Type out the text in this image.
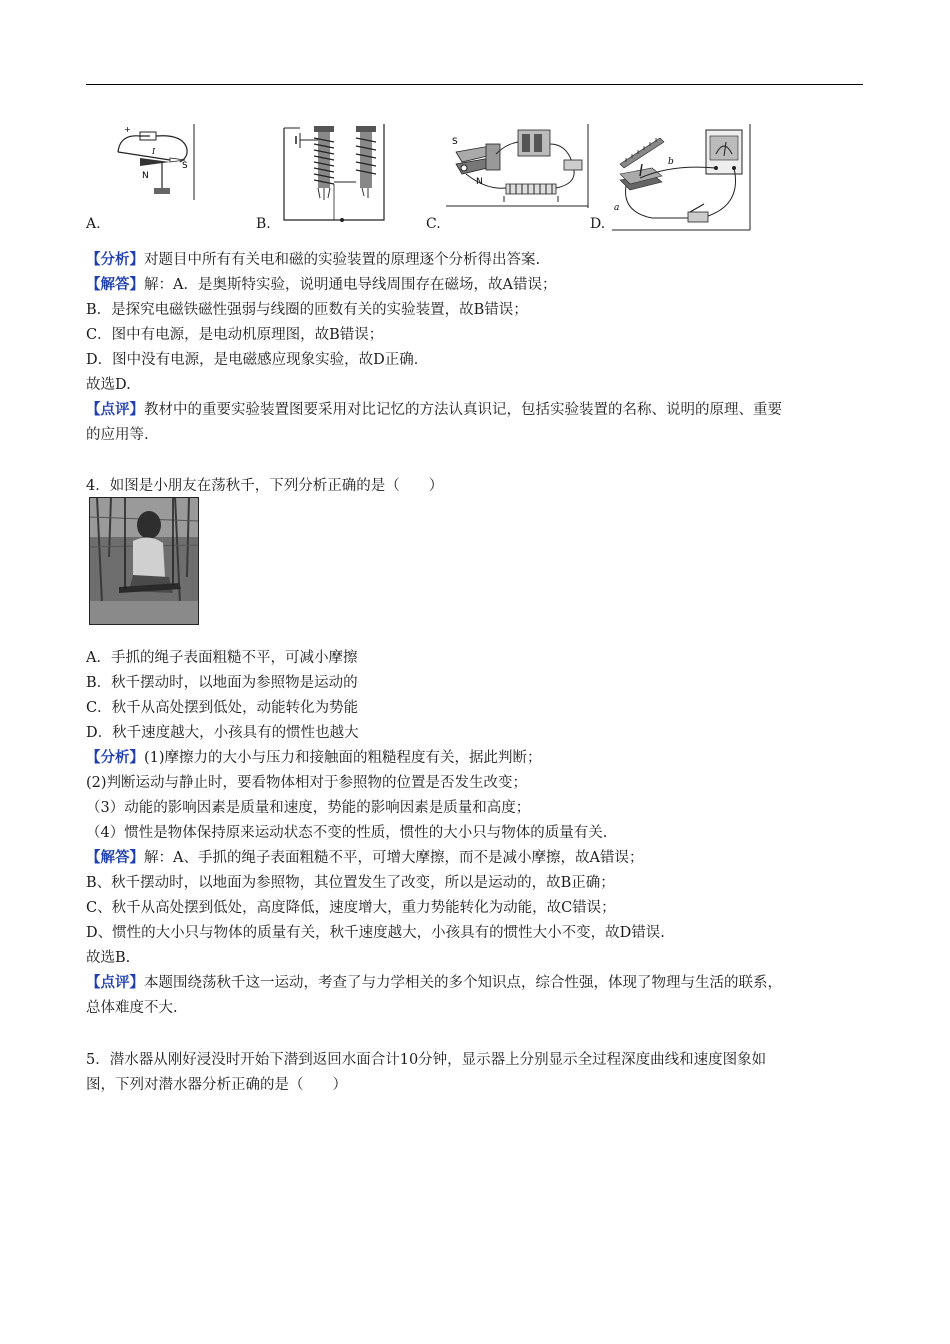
+
I
N
S
A.	B.
S
N
C.
b
a
D.
【分析】对题目中所有有关电和磁的实验装置的原理逐个分析得出答案.
【解答】解：A．是奥斯特实验，说明通电导线周围存在磁场，故A错误；
B．是探究电磁铁磁性强弱与线圈的匝数有关的实验装置，故B错误；
C．图中有电源，是电动机原理图，故B错误；
D．图中没有电源，是电磁感应现象实验，故D正确．
故选D.
【点评】教材中的重要实验装置图要采用对比记忆的方法认真识记，包括实验装置的名称、说明的原理、重要
的应用等.
4．如图是小朋友在荡秋千，下列分析正确的是（　　）
A．手抓的绳子表面粗糙不平，可减小摩擦
B．秋千摆动时，以地面为参照物是运动的
C．秋千从高处摆到低处，动能转化为势能
D．秋千速度越大，小孩具有的惯性也越大
【分析】(1)摩擦力的大小与压力和接触面的粗糙程度有关，据此判断；
(2)判断运动与静止时，要看物体相对于参照物的位置是否发生改变；
（3）动能的影响因素是质量和速度，势能的影响因素是质量和高度；
（4）惯性是物体保持原来运动状态不变的性质，惯性的大小只与物体的质量有关.
【解答】解：A、手抓的绳子表面粗糙不平，可增大摩擦，而不是减小摩擦，故A错误；
B、秋千摆动时，以地面为参照物，其位置发生了改变，所以是运动的，故B正确；
C、秋千从高处摆到低处，高度降低，速度增大，重力势能转化为动能，故C错误；
D、惯性的大小只与物体的质量有关，秋千速度越大，小孩具有的惯性大小不变，故D错误.
故选B.
【点评】本题围绕荡秋千这一运动，考查了与力学相关的多个知识点，综合性强，体现了物理与生活的联系，
总体难度不大.
5．潜水器从刚好浸没时开始下潜到返回水面合计10分钟，显示器上分别显示全过程深度曲线和速度图象如
图，下列对潜水器分析正确的是（　　）
